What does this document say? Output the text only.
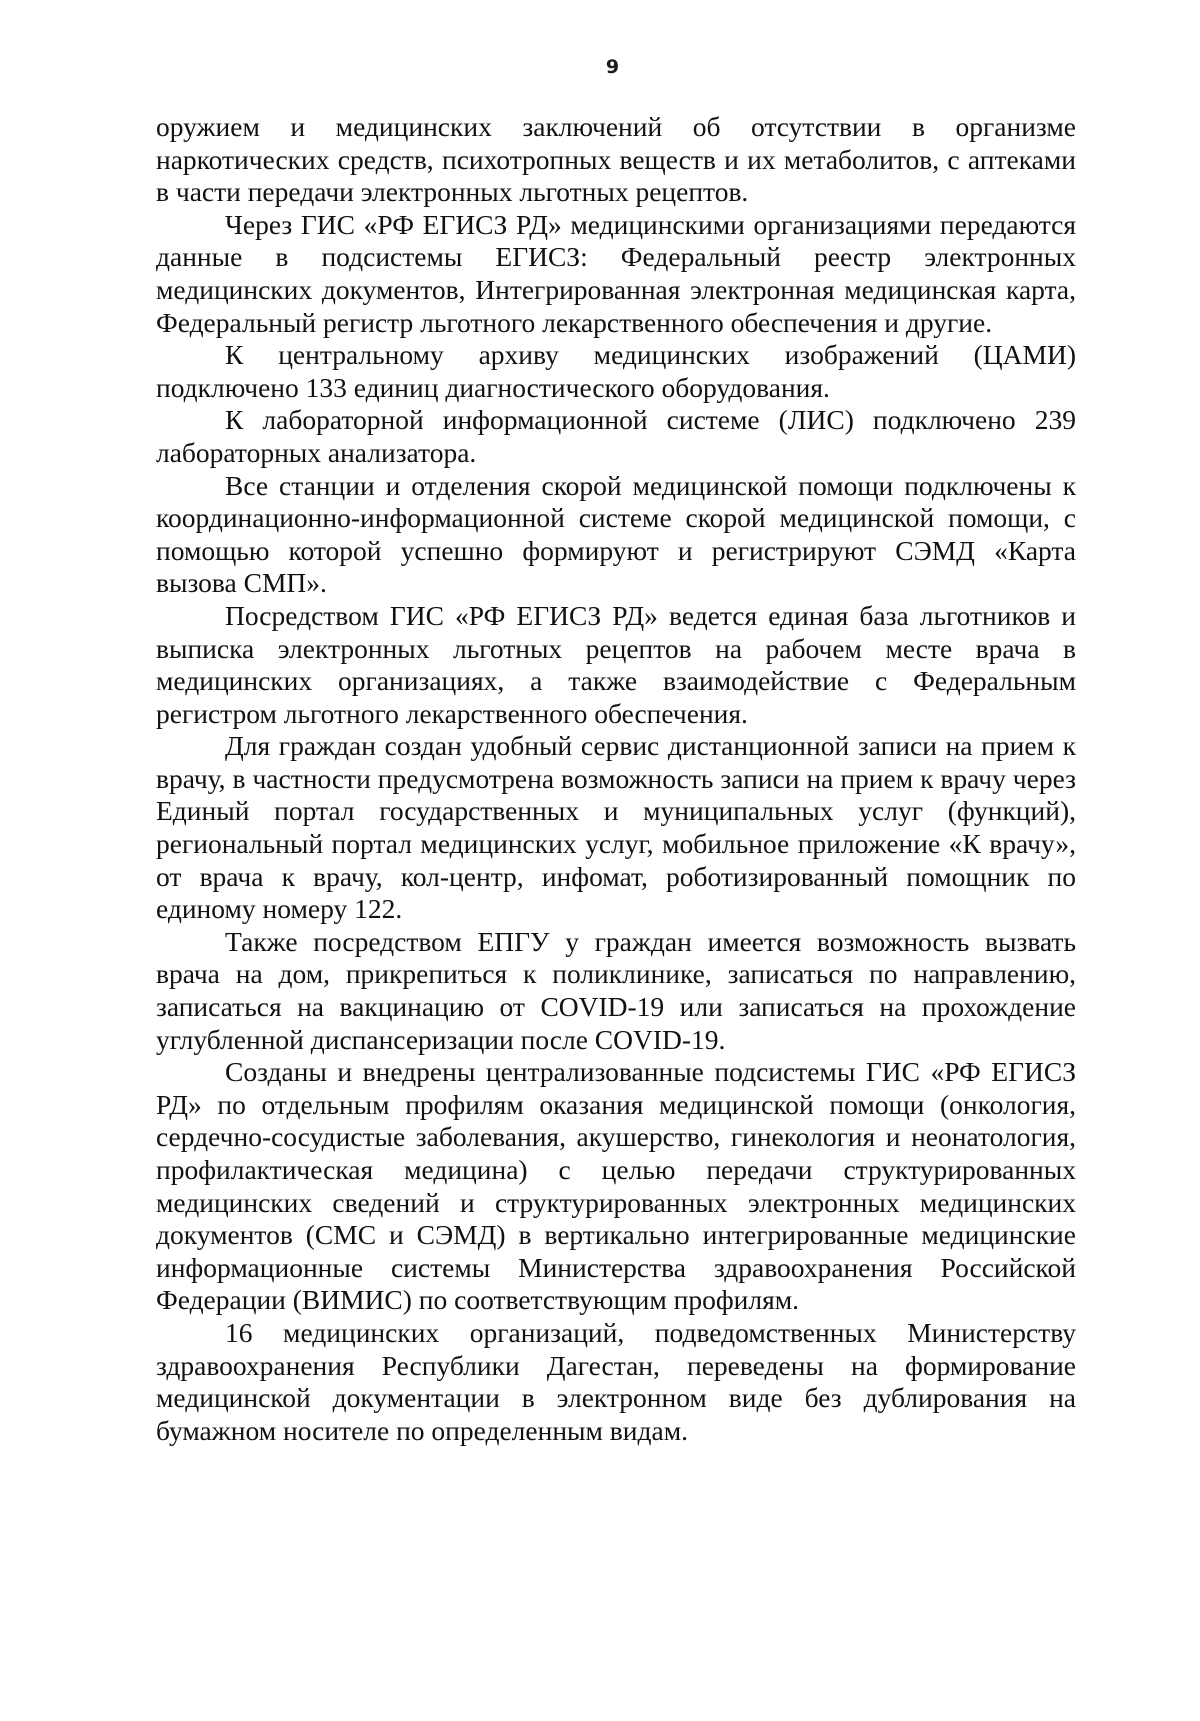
9

оружием и медицинских заключений об отсутствии в организме наркотических средств, психотропных веществ и их метаболитов, с аптеками в части передачи электронных льготных рецептов.

Через ГИС «РФ ЕГИСЗ РД» медицинскими организациями передаются данные в подсистемы ЕГИСЗ: Федеральный реестр электронных медицинских документов, Интегрированная электронная медицинская карта, Федеральный регистр льготного лекарственного обеспечения и другие.

К центральному архиву медицинских изображений (ЦАМИ) подключено 133 единиц диагностического оборудования.

К лабораторной информационной системе (ЛИС) подключено 239 лабораторных анализатора.

Все станции и отделения скорой медицинской помощи подключены к координационно-информационной системе скорой медицинской помощи, с помощью которой успешно формируют и регистрируют СЭМД «Карта вызова СМП».

Посредством ГИС «РФ ЕГИСЗ РД» ведется единая база льготников и выписка электронных льготных рецептов на рабочем месте врача в медицинских организациях, а также взаимодействие с Федеральным регистром льготного лекарственного обеспечения.

Для граждан создан удобный сервис дистанционной записи на прием к врачу, в частности предусмотрена возможность записи на прием к врачу через Единый портал государственных и муниципальных услуг (функций), региональный портал медицинских услуг, мобильное приложение «К врачу», от врача к врачу, кол-центр, инфомат, роботизированный помощник по единому номеру 122.

Также посредством ЕПГУ у граждан имеется возможность вызвать врача на дом, прикрепиться к поликлинике, записаться по направлению, записаться на вакцинацию от COVID-19 или записаться на прохождение углубленной диспансеризации после COVID-19.

Созданы и внедрены централизованные подсистемы ГИС «РФ ЕГИСЗ РД» по отдельным профилям оказания медицинской помощи (онкология, сердечно-сосудистые заболевания, акушерство, гинекология и неонатология, профилактическая медицина) с целью передачи структурированных медицинских сведений и структурированных электронных медицинских документов (СМС и СЭМД) в вертикально интегрированные медицинские информационные системы Министерства здравоохранения Российской Федерации (ВИМИС) по соответствующим профилям.

16 медицинских организаций, подведомственных Министерству здравоохранения Республики Дагестан, переведены на формирование медицинской документации в электронном виде без дублирования на бумажном носителе по определенным видам.
